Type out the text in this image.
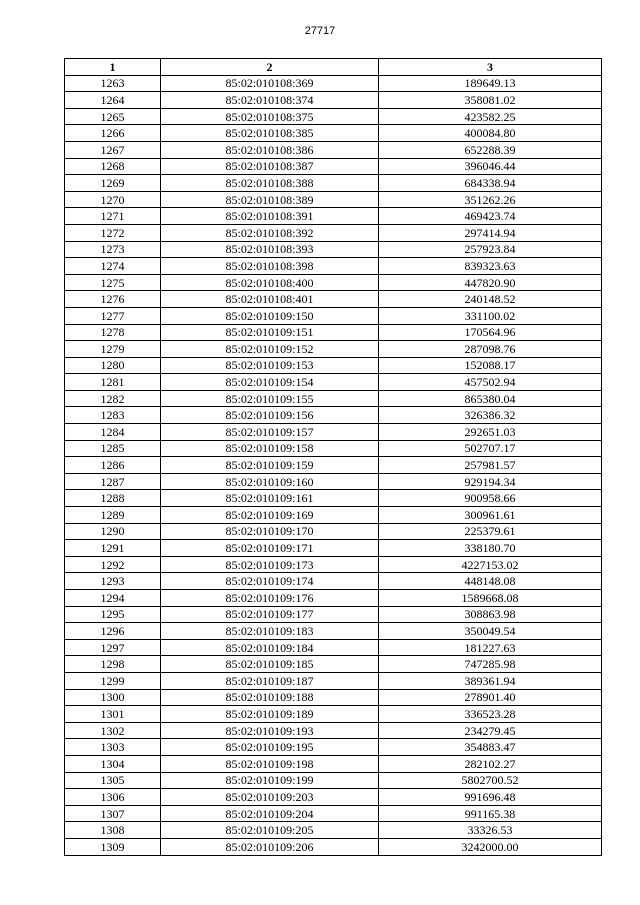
27717
1	2	3
1263	85:02:010108:369	189649.13
1264	85:02:010108:374	358081.02
1265	85:02:010108:375	423582.25
1266	85:02:010108:385	400084.80
1267	85:02:010108:386	652288.39
1268	85:02:010108:387	396046.44
1269	85:02:010108:388	684338.94
1270	85:02:010108:389	351262.26
1271	85:02:010108:391	469423.74
1272	85:02:010108:392	297414.94
1273	85:02:010108:393	257923.84
1274	85:02:010108:398	839323.63
1275	85:02:010108:400	447820.90
1276	85:02:010108:401	240148.52
1277	85:02:010109:150	331100.02
1278	85:02:010109:151	170564.96
1279	85:02:010109:152	287098.76
1280	85:02:010109:153	152088.17
1281	85:02:010109:154	457502.94
1282	85:02:010109:155	865380.04
1283	85:02:010109:156	326386.32
1284	85:02:010109:157	292651.03
1285	85:02:010109:158	502707.17
1286	85:02:010109:159	257981.57
1287	85:02:010109:160	929194.34
1288	85:02:010109:161	900958.66
1289	85:02:010109:169	300961.61
1290	85:02:010109:170	225379.61
1291	85:02:010109:171	338180.70
1292	85:02:010109:173	4227153.02
1293	85:02:010109:174	448148.08
1294	85:02:010109:176	1589668.08
1295	85:02:010109:177	308863.98
1296	85:02:010109:183	350049.54
1297	85:02:010109:184	181227.63
1298	85:02:010109:185	747285.98
1299	85:02:010109:187	389361.94
1300	85:02:010109:188	278901.40
1301	85:02:010109:189	336523.28
1302	85:02:010109:193	234279.45
1303	85:02:010109:195	354883.47
1304	85:02:010109:198	282102.27
1305	85:02:010109:199	5802700.52
1306	85:02:010109:203	991696.48
1307	85:02:010109:204	991165.38
1308	85:02:010109:205	33326.53
1309	85:02:010109:206	3242000.00
